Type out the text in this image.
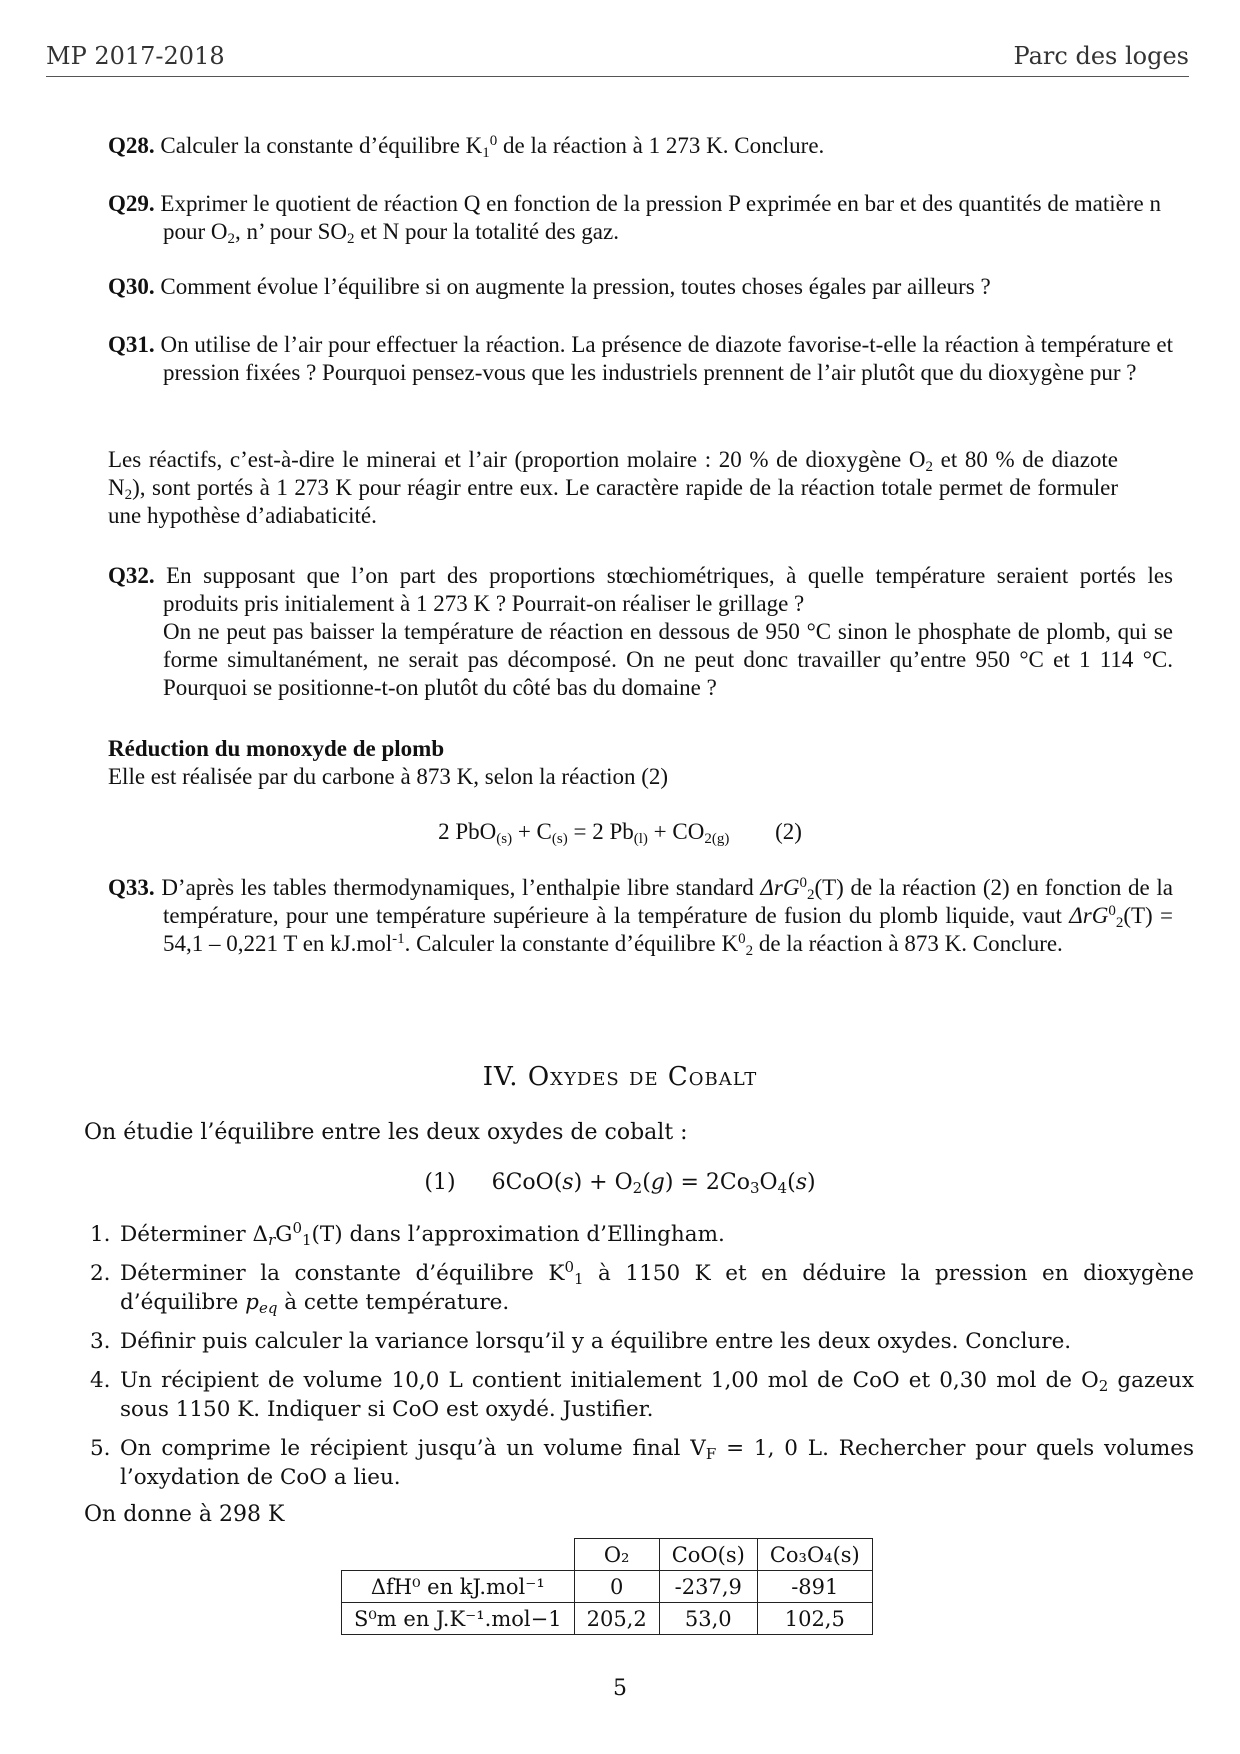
MP 2017-2018	Parc des loges
Q28. Calculer la constante d’équilibre $K_1^0$ de la réaction à 1 273 K. Conclure.
Q29. Exprimer le quotient de réaction Q en fonction de la pression P exprimée en bar et des quantités de matière n pour $O_2$, n’ pour $SO_2$ et N pour la totalité des gaz.
Q30. Comment évolue l’équilibre si on augmente la pression, toutes choses égales par ailleurs ?
Q31. On utilise de l’air pour effectuer la réaction. La présence de diazote favorise-t-elle la réaction à température et pression fixées ? Pourquoi pensez-vous que les industriels prennent de l’air plutôt que du dioxygène pur ?
Les réactifs, c’est-à-dire le minerai et l’air (proportion molaire : 20 % de dioxygène $O_2$ et 80 % de diazote $N_2$), sont portés à 1 273 K pour réagir entre eux. Le caractère rapide de la réaction totale permet de formuler une hypothèse d’adiabaticité.
Q32. En supposant que l’on part des proportions stœchiométriques, à quelle température seraient portés les produits pris initialement à 1 273 K ? Pourrait-on réaliser le grillage ?
On ne peut pas baisser la température de réaction en dessous de 950 °C sinon le phosphate de plomb, qui se forme simultanément, ne serait pas décomposé. On ne peut donc travailler qu’entre 950 °C et 1 114 °C. Pourquoi se positionne-t-on plutôt du côté bas du domaine ?
Réduction du monoxyde de plomb
Elle est réalisée par du carbone à 873 K, selon la réaction (2)
2 $PbO_{(s)} + C_{(s)} = 2$ $Pb_{(l)} + CO_{2(g)}$ (2)
Q33. D’après les tables thermodynamiques, l’enthalpie libre standard ΔrG$^0_2$(T) de la réaction (2) en fonction de la température, pour une température supérieure à la température de fusion du plomb liquide, vaut ΔrG$^0_2$(T) = 54,1 – 0,221 T en kJ.mol$^{-1}$. Calculer la constante d’équilibre $K^0_2$ de la réaction à 873 K. Conclure.
IV. Oxydes de Cobalt
On étudie l’équilibre entre les deux oxydes de cobalt :
(1) $6CoO(s) + O_2(g) = 2Co_3O_4(s)$
1. Déterminer $\Delta_rG^0_1(T)$ dans l’approximation d’Ellingham.
2. Déterminer la constante d’équilibre $K^0_1$ à 1150 K et en déduire la pression en dioxygène d’équilibre $p_{eq}$ à cette température.
3. Définir puis calculer la variance lorsqu’il y a équilibre entre les deux oxydes. Conclure.
4. Un récipient de volume 10,0 L contient initialement 1,00 mol de CoO et 0,30 mol de $O_2$ gazeux sous 1150 K. Indiquer si CoO est oxydé. Justifier.
5. On comprime le récipient jusqu’à un volume final $V_F = 1$, 0 L. Rechercher pour quels volumes l’oxydation de CoO a lieu.
On donne à 298 K
	O₂	CoO(s)	Co₃O₄(s)
ΔfH⁰ en kJ.mol⁻¹	0	-237,9	-891
S⁰m en J.K⁻¹.mol−1	205,2	53,0	102,5
5
